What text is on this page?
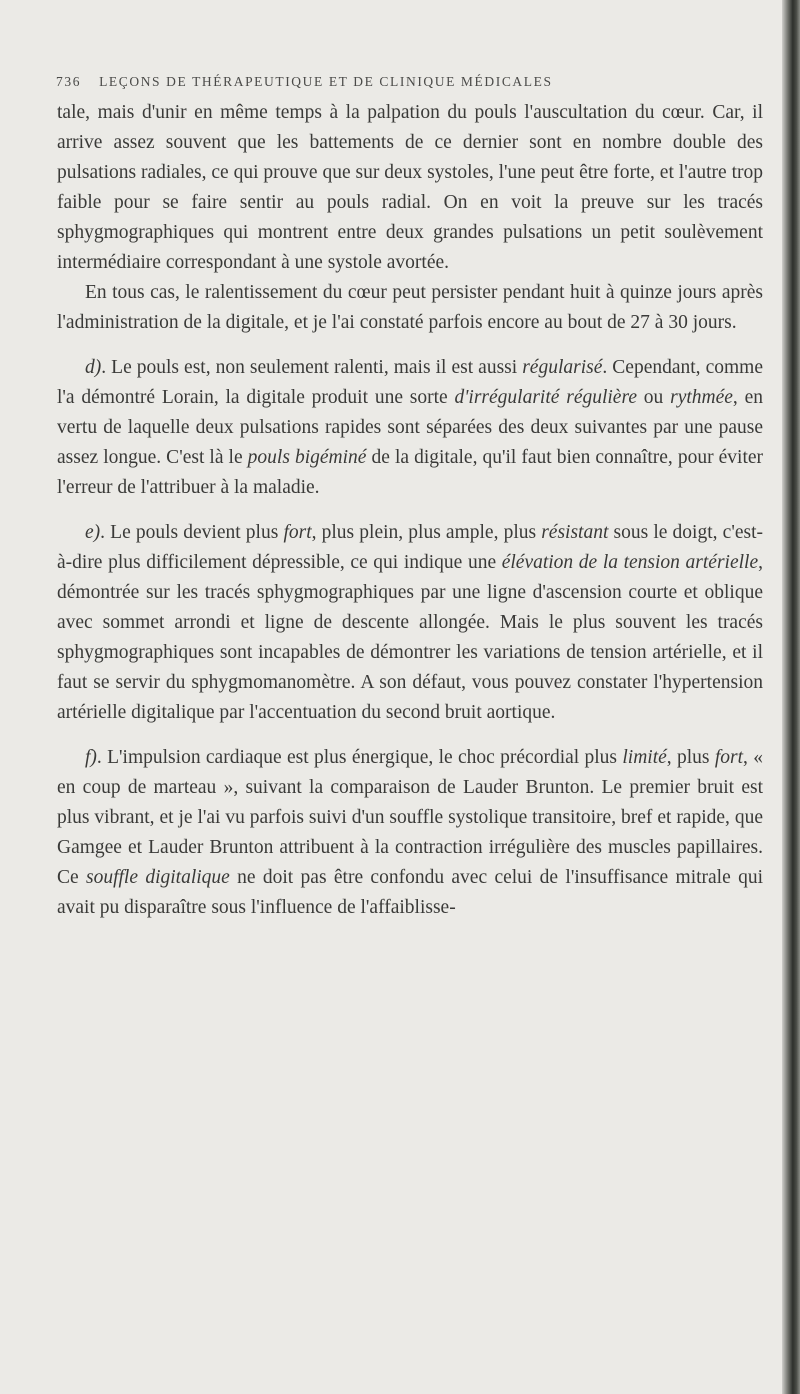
736 LEÇONS DE THÉRAPEUTIQUE ET DE CLINIQUE MÉDICALES

tale, mais d'unir en même temps à la palpation du pouls l'auscultation du cœur. Car, il arrive assez souvent que les battements de ce dernier sont en nombre double des pulsations radiales, ce qui prouve que sur deux systoles, l'une peut être forte, et l'autre trop faible pour se faire sentir au pouls radial. On en voit la preuve sur les tracés sphygmographiques qui montrent entre deux grandes pulsations un petit soulèvement intermédiaire correspondant à une systole avortée.

En tous cas, le ralentissement du cœur peut persister pendant huit à quinze jours après l'administration de la digitale, et je l'ai constaté parfois encore au bout de 27 à 30 jours.

d). Le pouls est, non seulement ralenti, mais il est aussi régularisé. Cependant, comme l'a démontré Lorain, la digitale produit une sorte d'irrégularité régulière ou rythmée, en vertu de laquelle deux pulsations rapides sont séparées des deux suivantes par une pause assez longue. C'est là le pouls bigéminé de la digitale, qu'il faut bien connaître, pour éviter l'erreur de l'attribuer à la maladie.

e). Le pouls devient plus fort, plus plein, plus ample, plus résistant sous le doigt, c'est-à-dire plus difficilement dépressible, ce qui indique une élévation de la tension artérielle, démontrée sur les tracés sphygmographiques par une ligne d'ascension courte et oblique avec sommet arrondi et ligne de descente allongée. Mais le plus souvent les tracés sphygmographiques sont incapables de démontrer les variations de tension artérielle, et il faut se servir du sphygmomanomètre. A son défaut, vous pouvez constater l'hypertension artérielle digitalique par l'accentuation du second bruit aortique.

f). L'impulsion cardiaque est plus énergique, le choc précordial plus limité, plus fort, « en coup de marteau », suivant la comparaison de Lauder Brunton. Le premier bruit est plus vibrant, et je l'ai vu parfois suivi d'un souffle systolique transitoire, bref et rapide, que Gamgee et Lauder Brunton attribuent à la contraction irrégulière des muscles papillaires. Ce souffle digitalique ne doit pas être confondu avec celui de l'insuffisance mitrale qui avait pu disparaître sous l'influence de l'affaiblisse-
